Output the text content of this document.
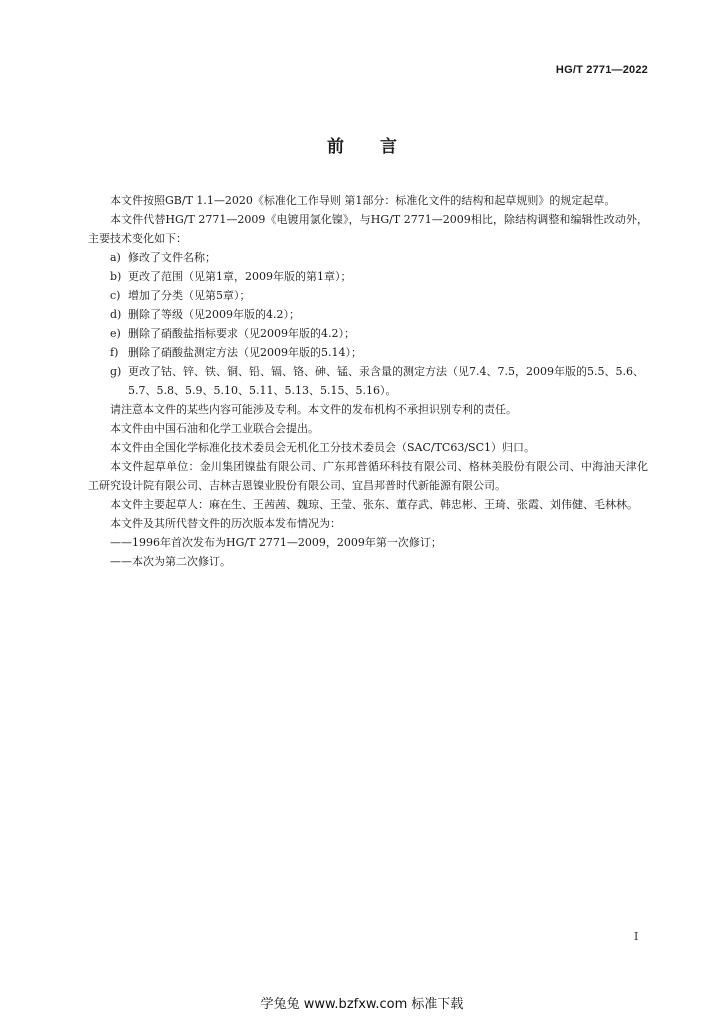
HG/T 2771—2022
前言

本文件按照GB/T 1.1—2020《标准化工作导则 第1部分：标准化文件的结构和起草规则》的规定起草。

本文件代替HG/T 2771—2009《电镀用氯化镍》，与HG/T 2771—2009相比，除结构调整和编辑性改动外，主要技术变化如下：

a) 修改了文件名称；

b) 更改了范围（见第1章，2009年版的第1章）；

c) 增加了分类（见第5章）；

d) 删除了等级（见2009年版的4.2）；

e) 删除了硝酸盐指标要求（见2009年版的4.2）；

f) 删除了硝酸盐测定方法（见2009年版的5.14）；

g) 更改了钴、锌、铁、铜、铅、镉、铬、砷、锰、汞含量的测定方法（见7.4、7.5，2009年版的5.5、5.6、5.7、5.8、5.9、5.10、5.11、5.13、5.15、5.16）。

请注意本文件的某些内容可能涉及专利。本文件的发布机构不承担识别专利的责任。

本文件由中国石油和化学工业联合会提出。

本文件由全国化学标准化技术委员会无机化工分技术委员会（SAC/TC63/SC1）归口。

本文件起草单位：金川集团镍盐有限公司、广东邦普循环科技有限公司、格林美股份有限公司、中海油天津化工研究设计院有限公司、吉林吉恩镍业股份有限公司、宜昌邦普时代新能源有限公司。

本文件主要起草人：麻在生、王茜茜、魏琼、王莹、张东、董存武、韩忠彬、王琦、张霞、刘伟健、毛林林。

本文件及其所代替文件的历次版本发布情况为：

——1996年首次发布为HG/T 2771—2009，2009年第一次修订；

——本次为第二次修订。

I
学兔兔 www.bzfxw.com 标准下载
